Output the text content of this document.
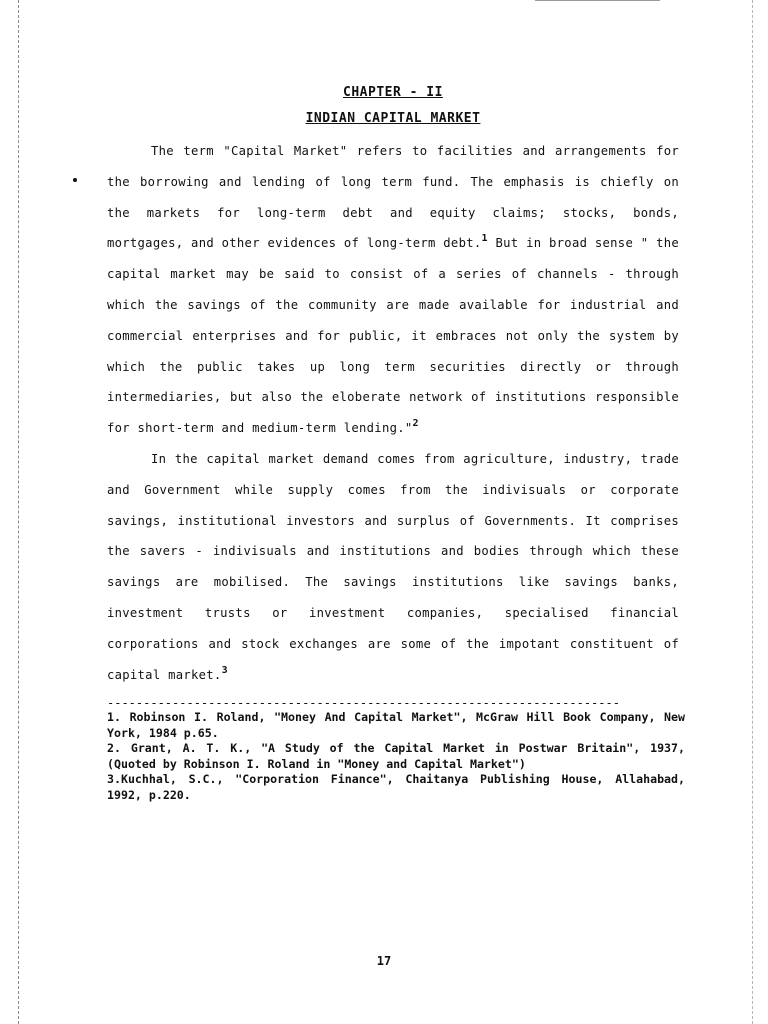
CHAPTER - II
INDIAN CAPITAL MARKET

The term "Capital Market" refers to facilities and arrangements for the borrowing and lending of long term fund. The emphasis is chiefly on the markets for long-term debt and equity claims; stocks, bonds, mortgages, and other evidences of long-term debt.$^1$ But in broad sense " the capital market may be said to consist of a series of channels - through which the savings of the community are made available for industrial and commercial enterprises and for public, it embraces not only the system by which the public takes up long term securities directly or through intermediaries, but also the eloberate network of institutions responsible for short-term and medium-term lending."$^2$

In the capital market demand comes from agriculture, industry, trade and Government while supply comes from the indivisuals or corporate savings, institutional investors and surplus of Governments. It comprises the savers - indivisuals and institutions and bodies through which these savings are mobilised. The savings institutions like savings banks, investment trusts or investment companies, specialised financial corporations and stock exchanges are some of the impotant constituent of capital market.$^3$

-----------------------------------------------------------------------

1. Robinson I. Roland, "Money And Capital Market", McGraw Hill Book Company, New York, 1984 p.65.

2. Grant, A. T. K., "A Study of the Capital Market in Postwar Britain", 1937, (Quoted by Robinson I. Roland in "Money and Capital Market")

3.Kuchhal, S.C., "Corporation Finance", Chaitanya Publishing House, Allahabad, 1992, p.220.

17
